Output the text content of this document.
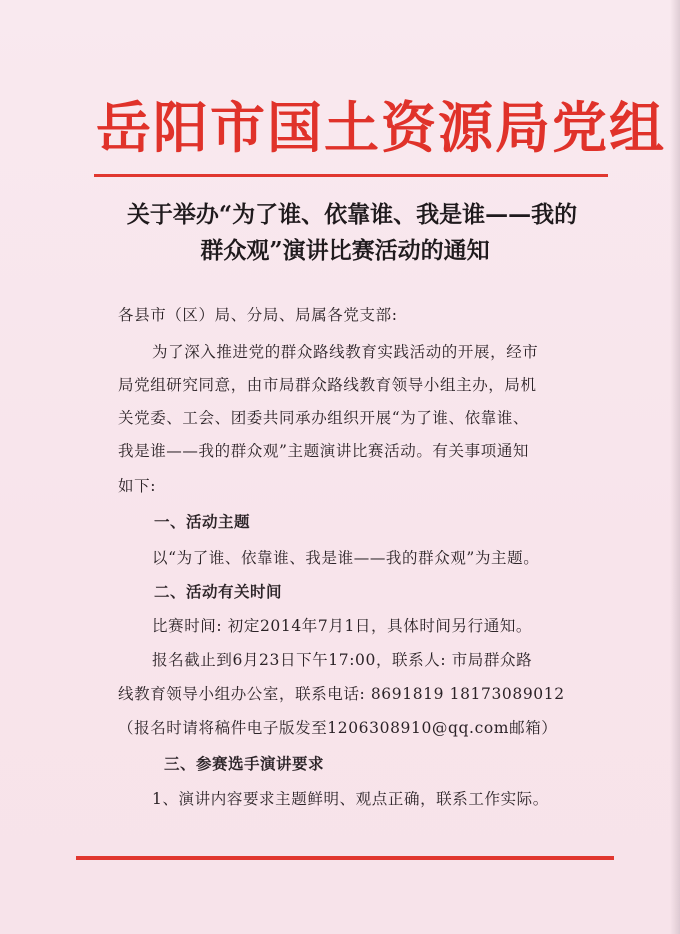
岳阳市国土资源局党组
关于举办“为了谁、依靠谁、我是谁——我的
群众观”演讲比赛活动的通知
各县市（区）局、分局、局属各党支部:
为了深入推进党的群众路线教育实践活动的开展，经市
局党组研究同意，由市局群众路线教育领导小组主办，局机
关党委、工会、团委共同承办组织开展“为了谁、依靠谁、
我是谁——我的群众观”主题演讲比赛活动。有关事项通知
如下:
一、活动主题
以“为了谁、依靠谁、我是谁——我的群众观”为主题。
二、活动有关时间
比赛时间: 初定2014年7月1日，具体时间另行通知。
报名截止到6月23日下午17:00，联系人: 市局群众路
线教育领导小组办公室，联系电话: 8691819 18173089012
（报名时请将稿件电子版发至1206308910@qq.com邮箱）
三、参赛选手演讲要求
1、演讲内容要求主题鲜明、观点正确，联系工作实际。
